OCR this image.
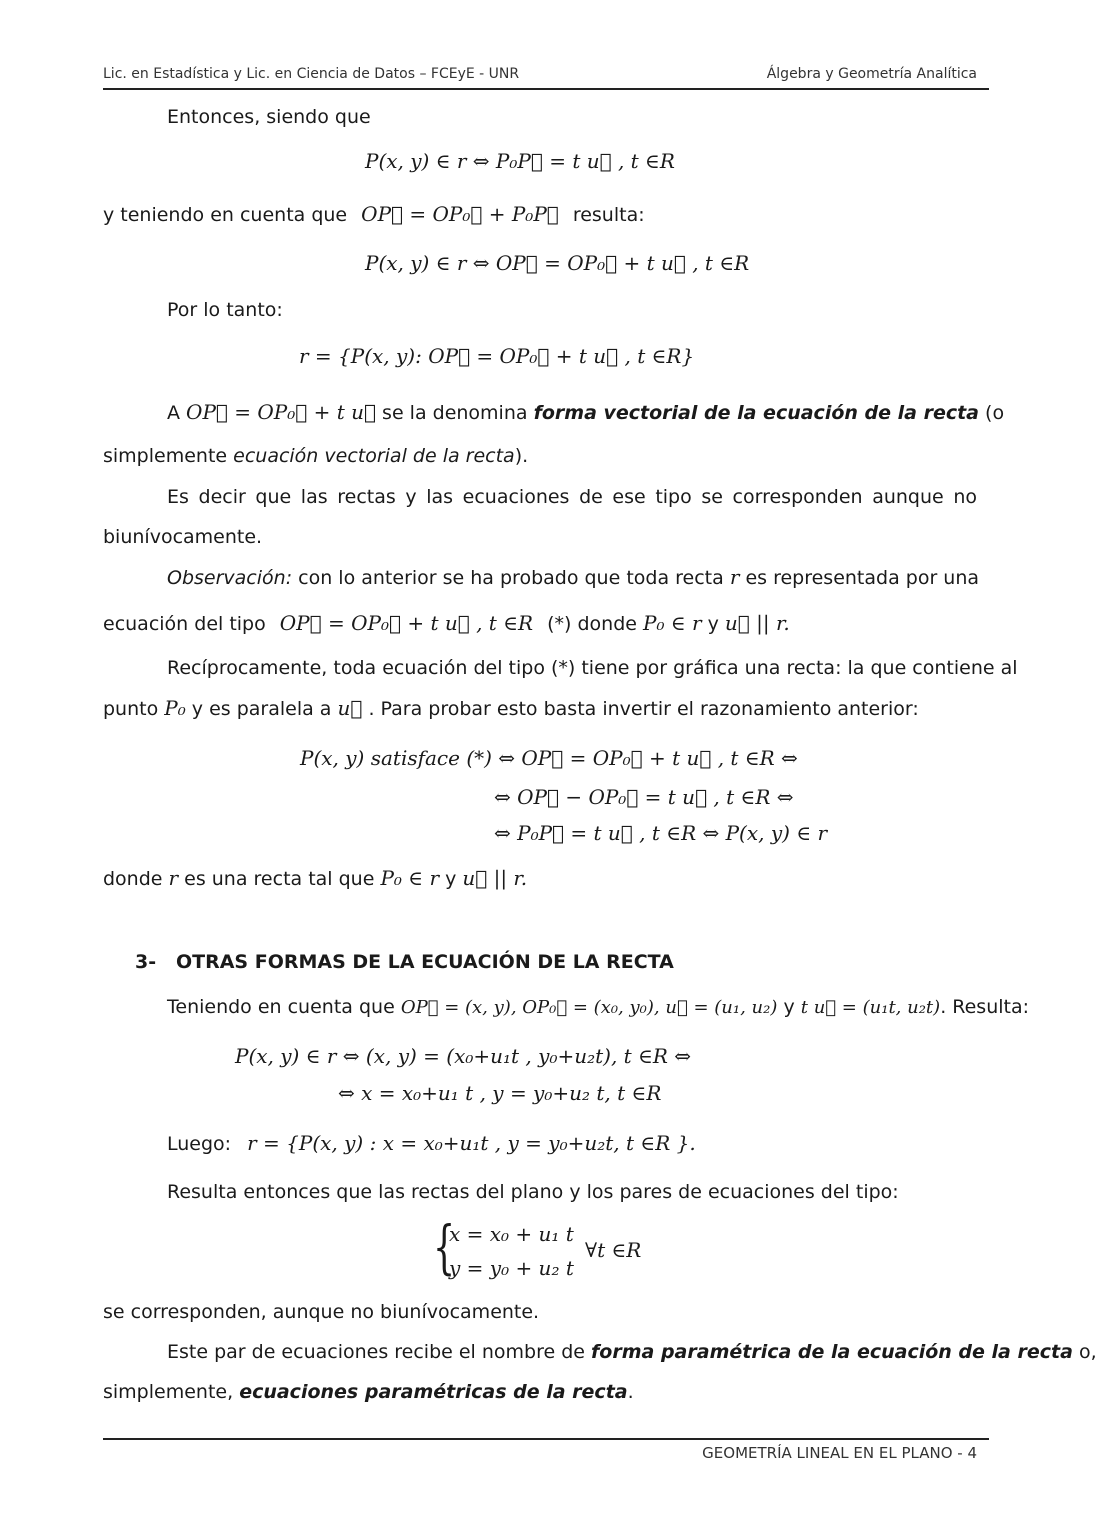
Lic. en Estadística y Lic. en Ciencia de Datos – FCEyE - UNR	Álgebra y Geometría Analítica
Entonces, siendo que
P(x, y) ∈ r ⇔ P₀P⃗ = t u⃗ , t ∈R
y teniendo en cuenta que OP⃗ = OP₀⃗ + P₀P⃗ resulta:
P(x, y) ∈ r ⇔ OP⃗ = OP₀⃗ + t u⃗ , t ∈R
Por lo tanto:
r = {P(x, y): OP⃗ = OP₀⃗ + t u⃗ , t ∈R}
A OP⃗ = OP₀⃗ + t u⃗ se la denomina forma vectorial de la ecuación de la recta (o
simplemente ecuación vectorial de la recta).
Es decir que las rectas y las ecuaciones de ese tipo se corresponden aunque no
biunívocamente.
Observación: con lo anterior se ha probado que toda recta r es representada por una
ecuación del tipo OP⃗ = OP₀⃗ + t u⃗ , t ∈R (*) donde P₀ ∈ r y u⃗ || r.
Recíprocamente, toda ecuación del tipo (*) tiene por gráfica una recta: la que contiene al
punto P₀ y es paralela a u⃗ . Para probar esto basta invertir el razonamiento anterior:
P(x, y) satisface (*) ⇔ OP⃗ = OP₀⃗ + t u⃗ , t ∈R ⇔
⇔ OP⃗ − OP₀⃗ = t u⃗ , t ∈R ⇔
⇔ P₀P⃗ = t u⃗ , t ∈R ⇔ P(x, y) ∈ r
donde r es una recta tal que P₀ ∈ r y u⃗ || r.
3- OTRAS FORMAS DE LA ECUACIÓN DE LA RECTA
Teniendo en cuenta que OP⃗ = (x, y), OP₀⃗ = (x₀, y₀), u⃗ = (u₁, u₂) y t u⃗ = (u₁t, u₂t). Resulta:
P(x, y) ∈ r ⇔ (x, y) = (x₀+u₁t , y₀+u₂t), t ∈R ⇔
⇔ x = x₀+u₁ t , y = y₀+u₂ t, t ∈R
Luego: r = {P(x, y) : x = x₀+u₁t , y = y₀+u₂t, t ∈R }.
Resulta entonces que las rectas del plano y los pares de ecuaciones del tipo:
{
x = x₀ + u₁ t
y = y₀ + u₂ t
∀t ∈R
se corresponden, aunque no biunívocamente.
Este par de ecuaciones recibe el nombre de forma paramétrica de la ecuación de la recta o,
simplemente, ecuaciones paramétricas de la recta.
GEOMETRÍA LINEAL EN EL PLANO - 4
